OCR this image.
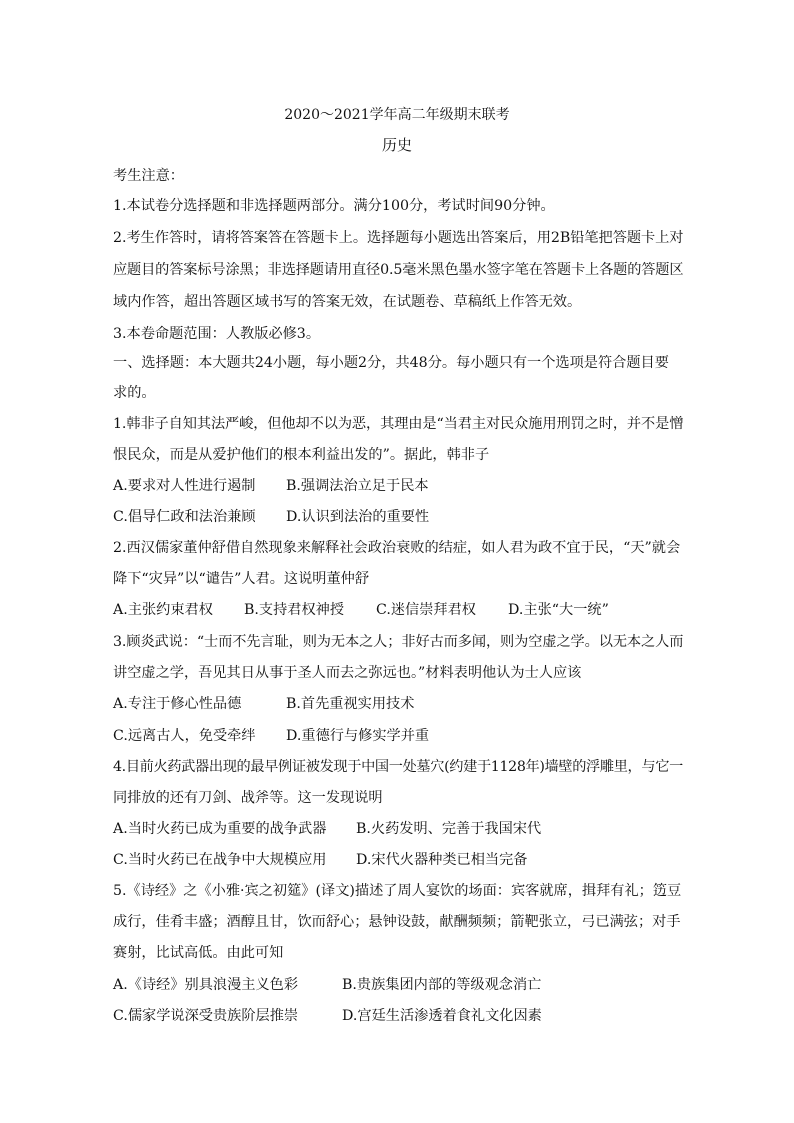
2020～2021学年高二年级期末联考
历史
考生注意：
1.本试卷分选择题和非选择题两部分。满分100分，考试时间90分钟。
2.考生作答时，请将答案答在答题卡上。选择题每小题选出答案后，用2B铅笔把答题卡上对
应题目的答案标号涂黑；非选择题请用直径0.5毫米黑色墨水签字笔在答题卡上各题的答题区
域内作答，超出答题区域书写的答案无效，在试题卷、草稿纸上作答无效。
3.本卷命题范围：人教版必修3。
一、选择题：本大题共24小题，每小题2分，共48分。每小题只有一个选项是符合题目要
求的。
1.韩非子自知其法严峻，但他却不以为恶，其理由是“当君主对民众施用刑罚之时，并不是憎
恨民众，而是从爱护他们的根本利益出发的”。据此，韩非子
A.要求对人性进行遏制 B.强调法治立足于民本
C.倡导仁政和法治兼顾 D.认识到法治的重要性
2.西汉儒家董仲舒借自然现象来解释社会政治衰败的结症，如人君为政不宜于民，“天”就会
降下“灾异”以“谴告”人君。这说明董仲舒
A.主张约束君权 B.支持君权神授 C.迷信崇拜君权 D.主张“大一统”
3.顾炎武说：“士而不先言耻，则为无本之人；非好古而多闻，则为空虚之学。以无本之人而
讲空虚之学，吾见其日从事于圣人而去之弥远也。”材料表明他认为士人应该
A.专注于修心性品德	B.首先重视实用技术
C.远离古人，免受牵绊 D.重德行与修实学并重
4.目前火药武器出现的最早例证被发现于中国一处墓穴(约建于1128年)墙壁的浮雕里，与它一
同排放的还有刀剑、战斧等。这一发现说明
A.当时火药已成为重要的战争武器 B.火药发明、完善于我国宋代
C.当时火药已在战争中大规模应用 D.宋代火器种类已相当完备
5.《诗经》之《小雅·宾之初筵》(译文)描述了周人宴饮的场面：宾客就席，揖拜有礼；笾豆
成行，佳肴丰盛；酒醇且甘，饮而舒心；悬钟设鼓，献酬频频；箭靶张立，弓已满弦；对手
赛射，比试高低。由此可知
A.《诗经》别具浪漫主义色彩	B.贵族集团内部的等级观念消亡
C.儒家学说深受贵族阶层推崇	D.宫廷生活渗透着食礼文化因素
